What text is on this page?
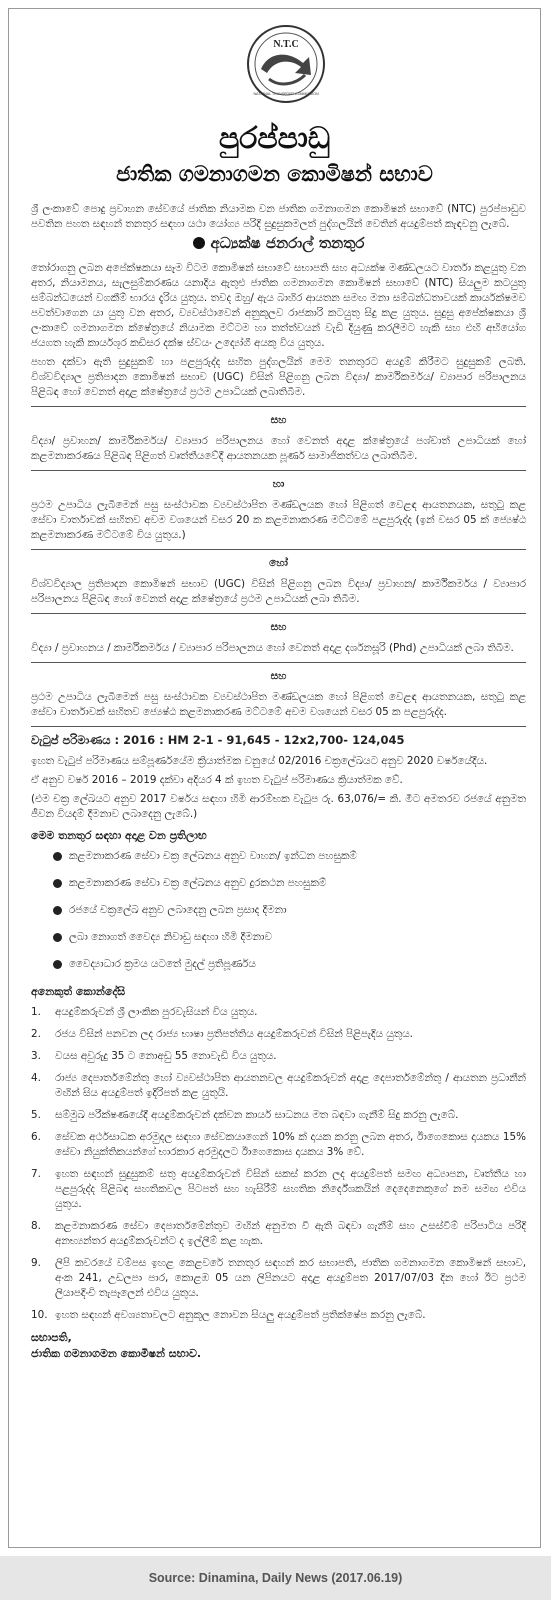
N.T.C
NATIONAL TRANSPORT COMMISSION
පුරප්පාඩු
ජාතික ගමනාගමන කොමිෂන් සභාව

ශ්‍රී ලංකාවේ පොදු ප්‍රවාහන සේවයේ ජාතික නියාමක වන ජාතික ගමනාගමන කොමිෂන් සභාවේ (NTC) පුරප්පාඩුව පවතින පහත සඳහන් තනතුර සඳහා යථා යෝග්‍ය පරිදි සුදුසුකමලත් පුද්ගලයින් වෙතින් අයදුම්පත් කැඳවනු ලැබේ.

අධ්‍යක්ෂ ජනරාල් තනතුර

තෝරාගනු ලබන අපේක්ෂකයා සෑම විටම කොමිෂන් සභාවේ සභාපති සහ අධ්‍යක්ෂ මණ්ඩලයට වාර්තා කළයුතු වන අතර, නියාමනය, සැලසුම්කරණය යනාදිය ඇතුළු ජාතික ගමනාගමන කොමිෂන් සභාවේ (NTC) සියලුම කටයුතු සම්බන්ධයෙන් වගකීම් භාරය දැරිය යුතුය. තවද ඔහු/ ඇය බාහිර ආයතන සමඟ මනා සම්බන්ධතාවයක් කාර්යක්ෂමව පවත්වාගෙන යා යුතු වන අතර, ව්‍යවස්ථාවෙන් අනුකූලව රාජකාරි කටයුතු සිදු කළ යුතුය. සුදුසු අපේක්ෂකයා ශ්‍රී ලංකාවේ ගමනාගමන ක්ෂේත්‍රයේ නියාමක මට්ටම හා තත්ත්වයන් වැඩි දියුණු කරලීමට හැකි සහ එහි අභියෝග ජයගත හැකි කාර්යශූර කඩිසර දක්ෂ ස්වයං උද්‍යෝගී අයකු විය යුතුය.

පහත දක්වා ඇති සුදුසුකම් හා පළපුරුද්ද සහිත පුද්ගලයින් මෙම තනතුරට අයදුම් කිරීමට සුදුසුකම් ලබති. විශ්වවිද්‍යාල ප්‍රතිපාදන කොමිෂන් සභාව (UGC) විසින් පිළිගනු ලබන විද්‍යා/ කාර්මිකර්මය/ ව්‍යාපාර පරිපාලනය පිළිබඳ හෝ වෙනත් අදාළ ක්ෂේත්‍රයේ ප්‍රථම උපාධියක් ලබාතිබීම.

සහ

විද්‍යා/ ප්‍රවාහන/ කාර්මිකර්මය/ ව්‍යාපාර පරිපාලනය හෝ වෙනත් අදාළ ක්ෂේත්‍රයේ පශ්චාත් උපාධියක් හෝ කළමනාකරණය පිළිබඳ පිළිගත් වෘත්තීයවේදී ආයතනයක පූර්ණ සාමාජිකත්වය ලබාතිබීම.

හා

ප්‍රථම උපාධිය ලැබීමෙන් පසු සංස්ථාවක ව්‍යවස්ථාපිත මණ්ඩලයක හෝ පිළිගත් වෙළඳ ආයතනයක, සතුටු කළ සේවා වාර්තාවක් සහිතව අවම වශයෙන් වසර 20 ක කළමනාකරණ මට්ටමේ පළපුරුද්ද (ඉන් වසර 05 ක් ජ්‍යෙෂ්ඨ කළමනාකරණ මට්ටමේ විය යුතුය.)

හෝ

විශ්වවිද්‍යාල ප්‍රතිපාදන කොමිෂන් සභාව (UGC) විසින් පිළිගනු ලබන විද්‍යා/ ප්‍රවාහන/ කාර්මිකර්මය / ව්‍යාපාර පරිපාලනය පිළිබඳ හෝ වෙනත් අදාළ ක්ෂේත්‍රයේ ප්‍රථම උපාධියක් ලබා තිබීම.

සහ

විද්‍යා / ප්‍රවාහනය / කාර්මිකර්මය / ව්‍යාපාර පරිපාලනය හෝ වෙනත් අදාළ දර්ශනසූරි (Phd) උපාධියක් ලබා තිබීම.

සහ

ප්‍රථම උපාධිය ලැබීමෙන් පසු සංස්ථාවක ව්‍යවස්ථාපිත මණ්ඩලයක හෝ පිළිගත් වෙළඳ ආයතනයක, සතුටු කළ සේවා වාර්තාවක් සහිතව ජ්‍යෙෂ්ඨ කළමනාකරණ මට්ටමේ අවම වශයෙන් වසර 05 ක පළපුරුද්ද.

වැටුප් පරිමාණය : 2016 : HM 2-1 - 91,645 - 12x2,700- 124,045

ඉහත වැටුප් පරිමාණය සම්පූර්ණයේම ක්‍රියාත්මක වනුයේ 02/2016 චක්‍රලේඛයට අනුව 2020 වර්ෂයේදීය.

ඒ අනුව වර්ෂ 2016 – 2019 දක්වා අදියර 4 ක් ඉහත වැටුප් පරිමාණය ක්‍රියාත්මක වේ.

(එම චක්‍ර ලේඛයට අනුව 2017 වර්ෂය සඳහා හිමි ආරම්භක වැටුප රු. 63,076/= කි. මීට අමතරව රජයේ අනුමත ජීවන වියදම් දීමනාව ලබාදෙනු ලැබේ.)

මෙම තනතුර සඳහා අදාළ වන ප්‍රතිලාභ
කළමනාකරණ සේවා චක්‍ර ලේඛනය අනුව වාහන/ ඉන්ධන පහසුකම්
කළමනාකරණ සේවා චක්‍ර ලේඛනය අනුව දුරකථන පහසුකම්
රජයේ චක්‍රලේඛ අනුව ලබාදෙනු ලබන ප්‍රසාද දීමනා
ලබා නොගත් වෛද්‍ය නිවාඩු සඳහා හිමි දීමනාව
වෛද්‍යාධාර ක්‍රමය යටතේ මුදල් ප්‍රතිපූර්ණය
අනෙකුත් කොන්දේසි
1.	අයදුම්කරුවන් ශ්‍රී ලාංකික පුරවැසියන් විය යුතුය.
2.	රජය විසින් පනවන ලද රාජ්‍ය භාෂා ප්‍රතිපත්තිය අයදුම්කරුවන් විසින් පිළිපැදිය යුතුය.
3.	වයස අවුරුදු 35 ට නොඅඩු 55 නොවැඩි විය යුතුය.
4.	රාජ්‍ය දෙපාර්තමේන්තු හෝ ව්‍යවස්ථාපිත ආයතනවල අයදුම්කරුවන් අදාළ දෙපාර්තමේන්තු / ආයතන ප්‍රධානීන් මඟින් සිය අයදුම්පත් ඉදිරිපත් කළ යුතුයි.
5.	සම්මුඛ පරීක්ෂණයේදී අයදුම්කරුවන් දක්වන කාර්ය සාධනය මත බඳවා ගැනීම් සිදු කරනු ලැබේ.
6.	සේවක අර්ථසාධක අරමුදල සඳහා සේවකයාගෙන් 10% ක් දායක කරනු ලබන අතර, ඊාගෙකොස දායකය 15% සේවා නියුක්තිකයන්ගේ භාරකාර අරමුදලට ඊාගෙකොස දායකය 3% වේ.
7.	ඉහත සඳහන් සුදුසුකම් සතු අයදුම්කරුවන් විසින් සකස් කරන ලද අයදුම්පත් සමඟ අධ්‍යාපන, වෘත්තීය හා පළපුරුද්ද පිළිබඳ සහතිකවල පිටපත් සහ හැසිරීම් සහතික නිර්දේශකයින් දෙදෙනෙකුගේ නම සමඟ එවිය යුතුය.
8.	කළමනාකරණ සේවා දෙපාර්තමේන්තුව මඟින් අනුමත වී ඇති බඳවා ගැනීම් සහ උසස්වීම් පරිපාටිය පරිදි අනභ්‍යන්තර අයදුම්කරුවන්ට ද ඉල්ලීම් කළ හැක.
9.	ලිපි කවරයේ වම්පස ඉහළ කෙළවරේ තනතුර සඳහන් කර සභාපති, ජාතික ගමනාගමන කොමිෂන් සභාව, අංක 241, උඩලපා පාර, කොළඹ 05 යන ලිපිනයට අදාළ අයදුම්පත 2017/07/03 දින හෝ ඊට ප්‍රථම ලියාපදිංචි තැපෑලෙන් එවිය යුතුය.
10. ඉහත සඳහන් අවශ්‍යතාවලට අනුකූල නොවන සියලු අයදුම්පත් ප්‍රතික්ෂේප කරනු ලැබේ.
සභාපති,
ජාතික ගමනාගමන කොමිෂන් සභාව.
Source: Dinamina, Daily News (2017.06.19)
